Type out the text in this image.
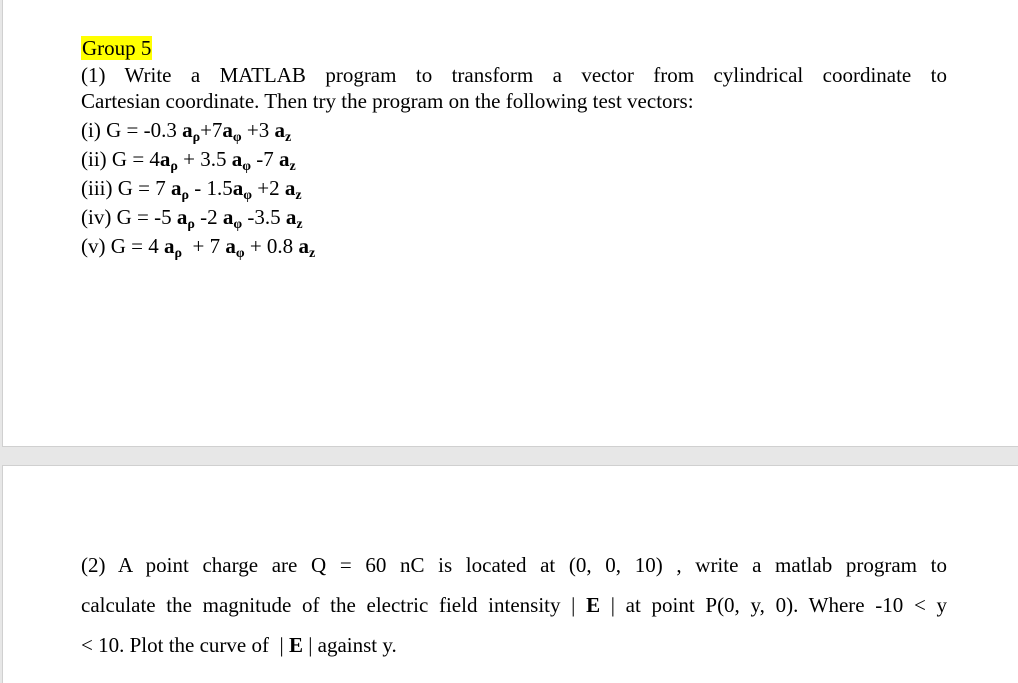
Group 5
(1) Write a MATLAB program to transform a vector from cylindrical coordinate to
Cartesian coordinate. Then try the program on the following test vectors:
(i) G = -0.3 $a_\rho+7a_\varphi +3$ $a_z$
(ii) $G = 4a_\rho + 3.5$ $a_\varphi$ -7 $a_z$
(iii) G = 7 $a_\rho - 1.5a_\varphi +2$ $a_z$
(iv) G = -5 $a_\rho$ -2 $a_\varphi$ -3.5 $a_z$
(v) G = 4 $a_\rho + 7$ $a_\varphi + 0.8$ $a_z$
(2) A point charge are Q = 60 nC is located at (0, 0, 10) , write a matlab program to
calculate the magnitude of the electric field intensity | E | at point P(0, y, 0). Where -10 < y
< 10. Plot the curve of  | E | against y.
